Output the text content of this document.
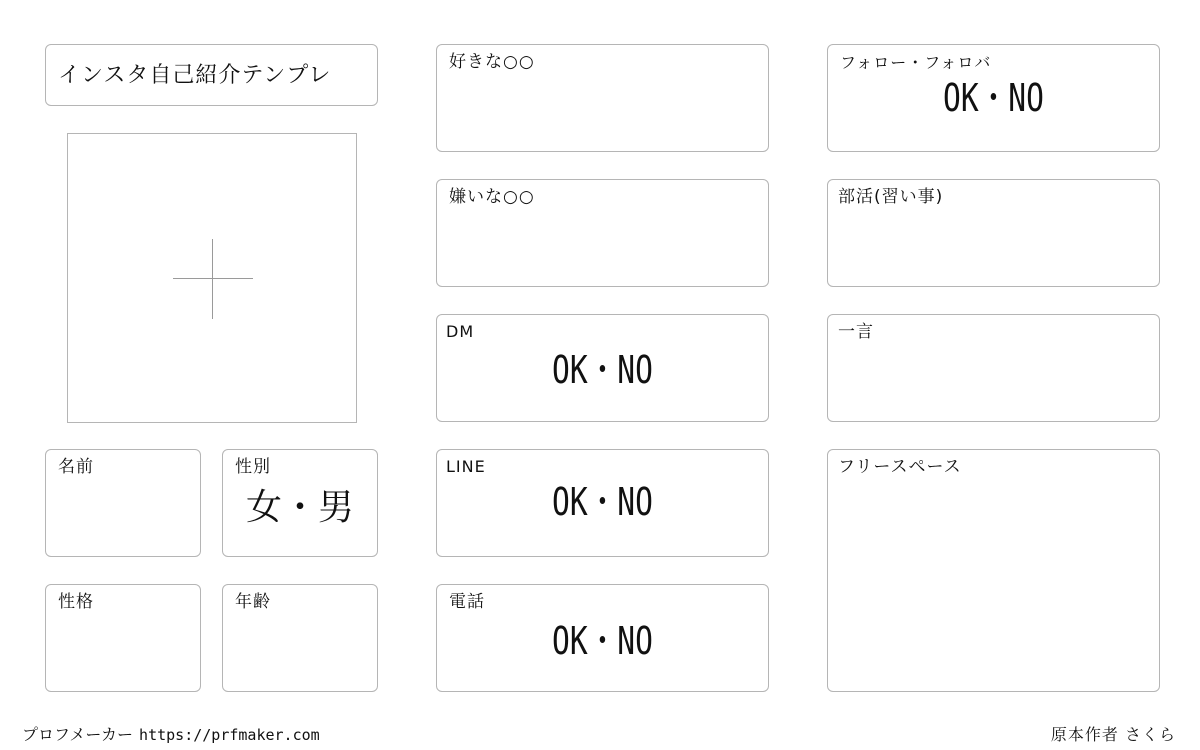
インスタ自己紹介テンプレ
名前	性別
女・男
性格	年齢
好きな○○
嫌いな○○
DM
OK・NO
LINE
OK・NO
電話
OK・NO
フォロー・フォロバ
OK・NO
部活(習い事)
一言
フリースペース
プロフメーカー https://prfmaker.com	原本作者 さくら
